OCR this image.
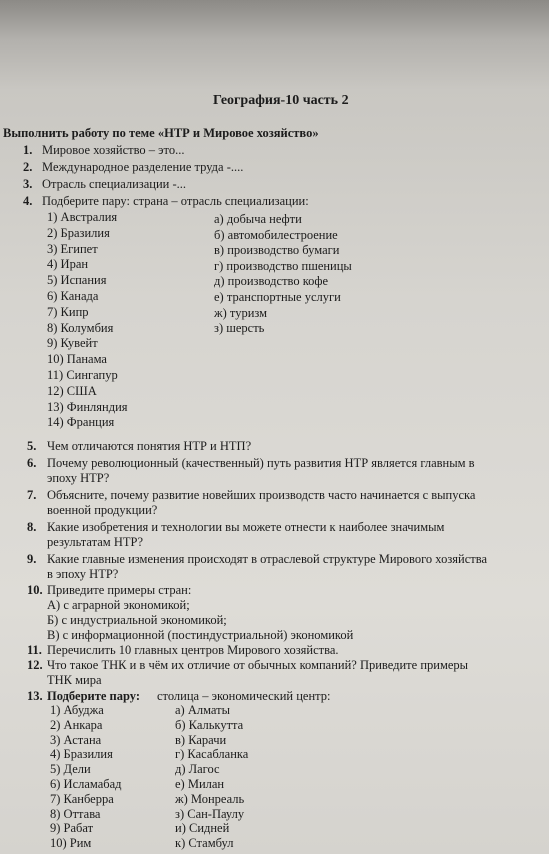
География-10 часть 2
Выполнить работу по теме «НТР и Мировое хозяйство»
1. Мировое хозяйство – это...
2. Международное разделение труда -....
3. Отрасль специализации -...
4. Подберите пару: страна – отрасль специализации:
1) Австралия
2) Бразилия
3) Египет
4) Иран
5) Испания
6) Канада
7) Кипр
8) Колумбия
9) Кувейт
10) Панама
11) Сингапур
12) США
13) Финляндия
14) Франция
а) добыча нефти
б) автомобилестроение
в) производство бумаги
г) производство пшеницы
д) производство кофе
е) транспортные услуги
ж) туризм
з) шерсть
5. Чем отличаются понятия НТР и НТП?
6. Почему революционный (качественный) путь развития НТР является главным в
эпоху НТР?
7. Объясните, почему развитие новейших производств часто начинается с выпуска
военной продукции?
8. Какие изобретения и технологии вы можете отнести к наиболее значимым
результатам НТР?
9. Какие главные изменения происходят в отраслевой структуре Мирового хозяйства
в эпоху НТР?
10. Приведите примеры стран:
А) с аграрной экономикой;
Б) с индустриальной экономикой;
В) с информационной (постиндустриальной) экономикой
11. Перечислить 10 главных центров Мирового хозяйства.
12. Что такое ТНК и в чём их отличие от обычных компаний? Приведите примеры
ТНК мира
13. Подберите пару: столица – экономический центр:
1) Абуджа
2) Анкара
3) Астана
4) Бразилия
5) Дели
6) Исламабад
7) Канберра
8) Оттава
9) Рабат
10) Рим
а) Алматы
б) Калькутта
в) Карачи
г) Касабланка
д) Лагос
е) Милан
ж) Монреаль
з) Сан-Паулу
и) Сидней
к) Стамбул
